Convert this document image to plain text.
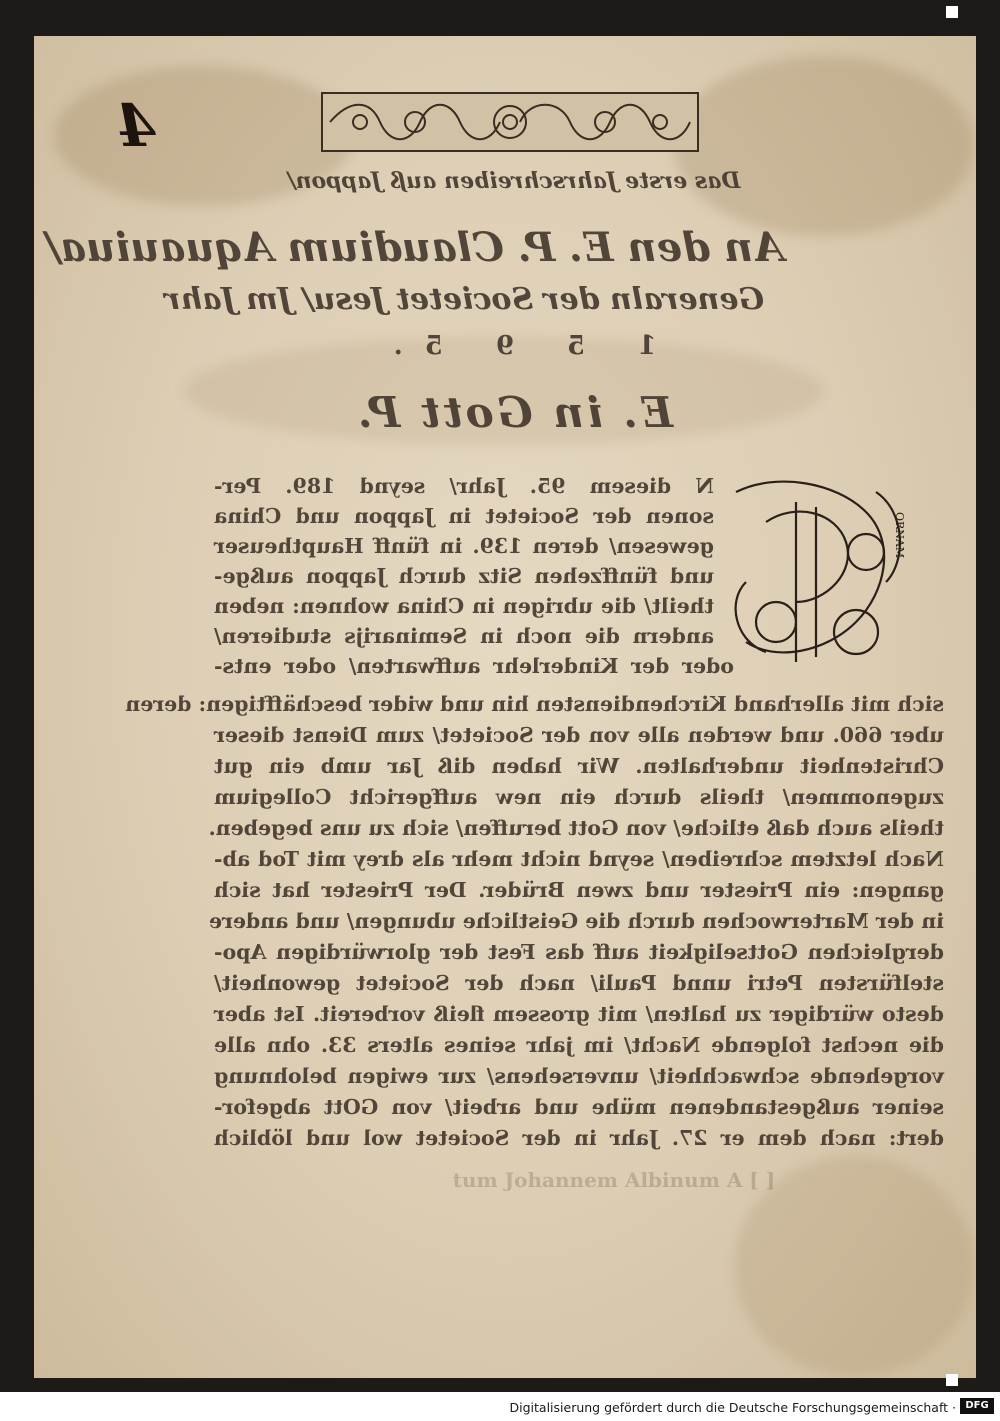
4
Das erste Jahrschreiben auß Jappon/
An den E. P. Claudium Aquauiua/
Generaln der Societet Jesu/ Jm Jahr
1 5 9 5.
E. in Gott P.
ORNAM
N diesem 95. Jahr/ seynd 189. Per-
sonen der Societet in Jappon und China
gewesen/ deren 139. in fünff Hauptheuser
und fünffzehen Sitz durch Jappon außge-
theilt/ die ubrigen in China wohnen: neben
andern die noch in Seminarijs studieren/
oder der Kinderlehr auffwarten/ oder ents-
sich mit allerhand Kirchendiensten hin und wider beschäfftigen: deren
uber 660. und werden alle von der Societet/ zum Dienst dieser
Christenheit underhalten. Wir haben diß Jar umb ein gut
zugenommen/ theils durch ein new auffgericht Collegium
theils auch daß etliche/ von Gott beruffen/ sich zu uns begeben.
Nach letztem schreiben/ seynd nicht mehr als drey mit Tod ab-
gangen: ein Priester und zwen Brüder. Der Priester hat sich
in der Marterwochen durch die Geistliche ubungen/ und andere
dergleichen Gottseligkeit auff das Fest der glorwürdigen Apo-
stelfürsten Petri unnd Pauli/ nach der Societet gewonheit/
desto würdiger zu halten/ mit grossem fleiß vorbereit. Ist aber
die nechst folgende Nacht/ im jahr seines alters 33. ohn alle
vorgehende schwachheit/ unversehens/ zur ewigen belohnung
seiner außgestandenen mühe und arbeit/ von GOtt abgefor-
dert: nach dem er 27. Jahr in der Societet wol und löblich
tum Johannem Albinum A [ ]
Digitalisierung gefördert durch die Deutsche Forschungsgemeinschaft · DFG
